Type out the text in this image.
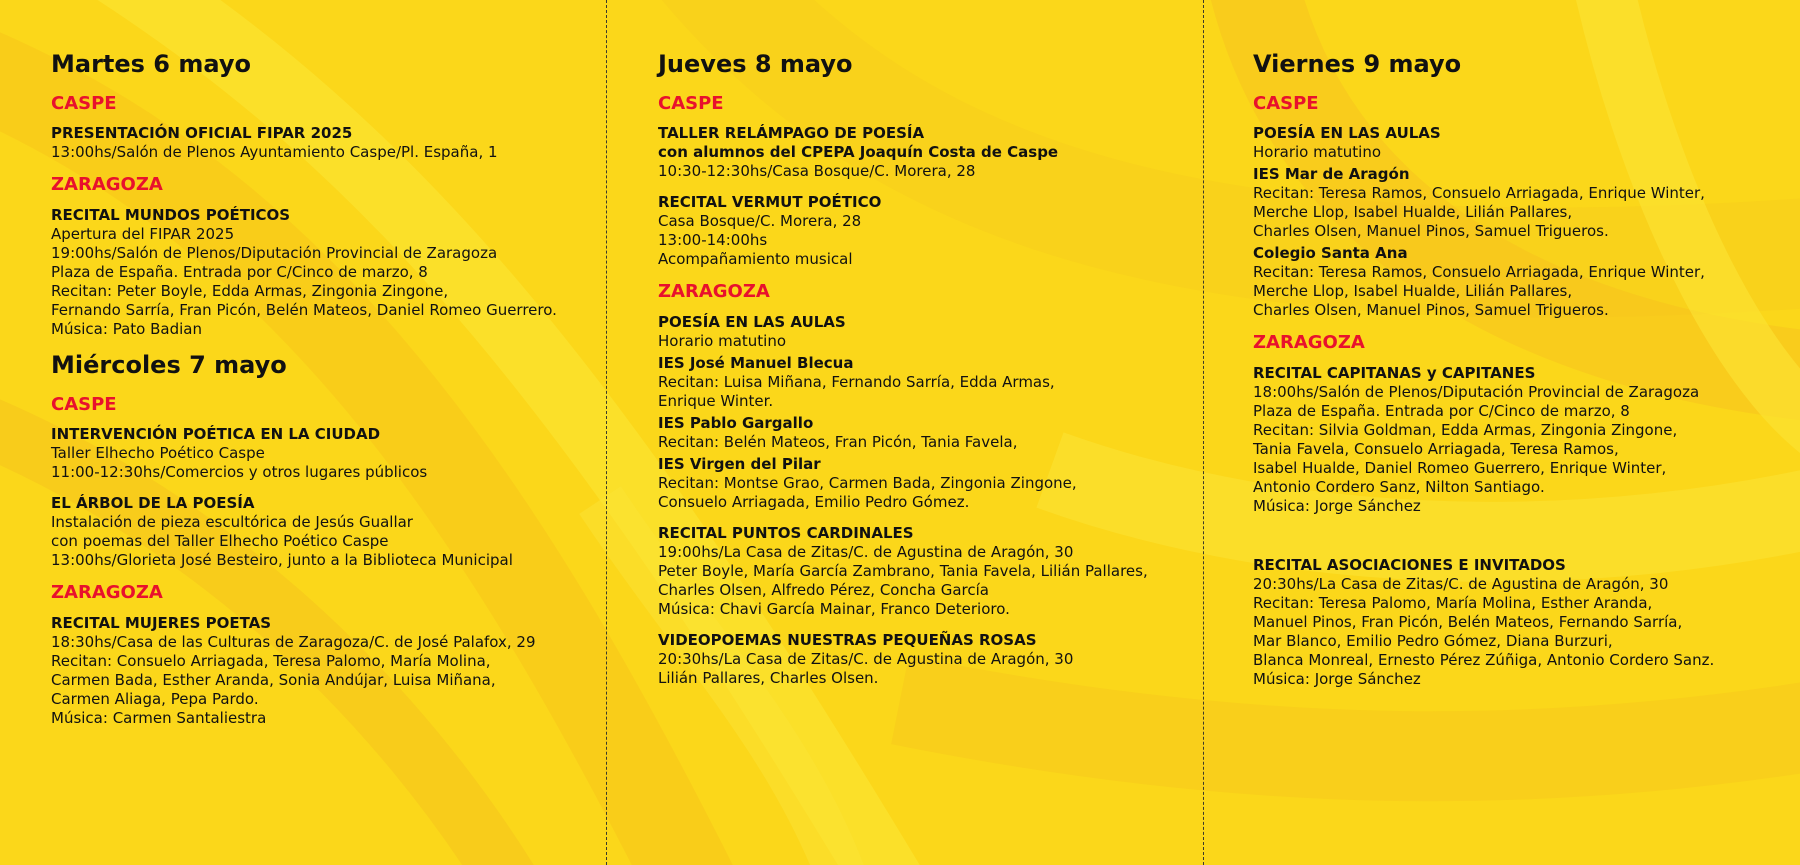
Martes 6 mayo
CASPE
PRESENTACIÓN OFICIAL FIPAR 2025
13:00hs/Salón de Plenos Ayuntamiento Caspe/Pl. España, 1
ZARAGOZA
RECITAL MUNDOS POÉTICOS
Apertura del FIPAR 2025
19:00hs/Salón de Plenos/Diputación Provincial de Zaragoza
Plaza de España. Entrada por C/Cinco de marzo, 8
Recitan: Peter Boyle, Edda Armas, Zingonia Zingone,
Fernando Sarría, Fran Picón, Belén Mateos, Daniel Romeo Guerrero.
Música: Pato Badian
Miércoles 7 mayo
CASPE
INTERVENCIÓN POÉTICA EN LA CIUDAD
Taller Elhecho Poético Caspe
11:00-12:30hs/Comercios y otros lugares públicos
EL ÁRBOL DE LA POESÍA
Instalación de pieza escultórica de Jesús Guallar
con poemas del Taller Elhecho Poético Caspe
13:00hs/Glorieta José Besteiro, junto a la Biblioteca Municipal
ZARAGOZA
RECITAL MUJERES POETAS
18:30hs/Casa de las Culturas de Zaragoza/C. de José Palafox, 29
Recitan: Consuelo Arriagada, Teresa Palomo, María Molina,
Carmen Bada, Esther Aranda, Sonia Andújar, Luisa Miñana,
Carmen Aliaga, Pepa Pardo.
Música: Carmen Santaliestra
Jueves 8 mayo
CASPE
TALLER RELÁMPAGO DE POESÍA
con alumnos del CPEPA Joaquín Costa de Caspe
10:30-12:30hs/Casa Bosque/C. Morera, 28
RECITAL VERMUT POÉTICO
Casa Bosque/C. Morera, 28
13:00-14:00hs
Acompañamiento musical
ZARAGOZA
POESÍA EN LAS AULAS
Horario matutino
IES José Manuel Blecua
Recitan: Luisa Miñana, Fernando Sarría, Edda Armas,
Enrique Winter.
IES Pablo Gargallo
Recitan: Belén Mateos, Fran Picón, Tania Favela,
IES Virgen del Pilar
Recitan: Montse Grao, Carmen Bada, Zingonia Zingone,
Consuelo Arriagada, Emilio Pedro Gómez.
RECITAL PUNTOS CARDINALES
19:00hs/La Casa de Zitas/C. de Agustina de Aragón, 30
Peter Boyle, María García Zambrano, Tania Favela, Lilián Pallares,
Charles Olsen, Alfredo Pérez, Concha García
Música: Chavi García Mainar, Franco Deterioro.
VIDEOPOEMAS NUESTRAS PEQUEÑAS ROSAS
20:30hs/La Casa de Zitas/C. de Agustina de Aragón, 30
Lilián Pallares, Charles Olsen.
Viernes 9 mayo
CASPE
POESÍA EN LAS AULAS
Horario matutino
IES Mar de Aragón
Recitan: Teresa Ramos, Consuelo Arriagada, Enrique Winter,
Merche Llop, Isabel Hualde, Lilián Pallares,
Charles Olsen, Manuel Pinos, Samuel Trigueros.
Colegio Santa Ana
Recitan: Teresa Ramos, Consuelo Arriagada, Enrique Winter,
Merche Llop, Isabel Hualde, Lilián Pallares,
Charles Olsen, Manuel Pinos, Samuel Trigueros.
ZARAGOZA
RECITAL CAPITANAS y CAPITANES
18:00hs/Salón de Plenos/Diputación Provincial de Zaragoza
Plaza de España. Entrada por C/Cinco de marzo, 8
Recitan: Silvia Goldman, Edda Armas, Zingonia Zingone,
Tania Favela, Consuelo Arriagada, Teresa Ramos,
Isabel Hualde, Daniel Romeo Guerrero, Enrique Winter,
Antonio Cordero Sanz, Nilton Santiago.
Música: Jorge Sánchez
RECITAL ASOCIACIONES E INVITADOS
20:30hs/La Casa de Zitas/C. de Agustina de Aragón, 30
Recitan: Teresa Palomo, María Molina, Esther Aranda,
Manuel Pinos, Fran Picón, Belén Mateos, Fernando Sarría,
Mar Blanco, Emilio Pedro Gómez, Diana Burzuri,
Blanca Monreal, Ernesto Pérez Zúñiga, Antonio Cordero Sanz.
Música: Jorge Sánchez
